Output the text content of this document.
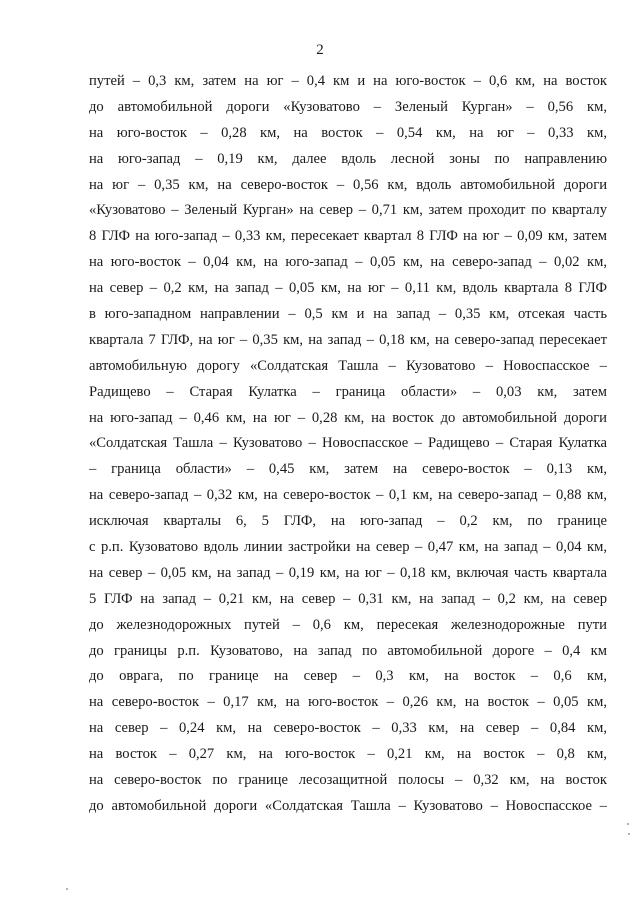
2
путей – 0,3 км, затем на юг – 0,4 км и на юго-восток – 0,6 км, на восток
до автомобильной дороги «Кузоватово – Зеленый Курган» – 0,56 км,
на юго-восток – 0,28 км, на восток – 0,54 км, на юг – 0,33 км,
на юго-запад – 0,19 км, далее вдоль лесной зоны по направлению
на юг – 0,35 км, на северо-восток – 0,56 км, вдоль автомобильной дороги
«Кузоватово – Зеленый Курган» на север – 0,71 км, затем проходит по кварталу
8 ГЛФ на юго-запад – 0,33 км, пересекает квартал 8 ГЛФ на юг – 0,09 км, затем
на юго-восток – 0,04 км, на юго-запад – 0,05 км, на северо-запад – 0,02 км,
на север – 0,2 км, на запад – 0,05 км, на юг – 0,11 км, вдоль квартала 8 ГЛФ
в юго-западном направлении – 0,5 км и на запад – 0,35 км, отсекая часть
квартала 7 ГЛФ, на юг – 0,35 км, на запад – 0,18 км, на северо-запад пересекает
автомобильную дорогу «Солдатская Ташла – Кузоватово – Новоспасское –
Радищево – Старая Кулатка – граница области» – 0,03 км, затем
на юго-запад – 0,46 км, на юг – 0,28 км, на восток до автомобильной дороги
«Солдатская Ташла – Кузоватово – Новоспасское – Радищево – Старая Кулатка
– граница области» – 0,45 км, затем на северо-восток – 0,13 км,
на северо-запад – 0,32 км, на северо-восток – 0,1 км, на северо-запад – 0,88 км,
исключая кварталы 6, 5 ГЛФ, на юго-запад – 0,2 км, по границе
с р.п. Кузоватово вдоль линии застройки на север – 0,47 км, на запад – 0,04 км,
на север – 0,05 км, на запад – 0,19 км, на юг – 0,18 км, включая часть квартала
5 ГЛФ на запад – 0,21 км, на север – 0,31 км, на запад – 0,2 км, на север
до железнодорожных путей – 0,6 км, пересекая железнодорожные пути
до границы р.п. Кузоватово, на запад по автомобильной дороге – 0,4 км
до оврага, по границе на север – 0,3 км, на восток – 0,6 км,
на северо-восток – 0,17 км, на юго-восток – 0,26 км, на восток – 0,05 км,
на север – 0,24 км, на северо-восток – 0,33 км, на север – 0,84 км,
на восток – 0,27 км, на юго-восток – 0,21 км, на восток – 0,8 км,
на северо-восток по границе лесозащитной полосы – 0,32 км, на восток
до автомобильной дороги «Солдатская Ташла – Кузоватово – Новоспасское –
